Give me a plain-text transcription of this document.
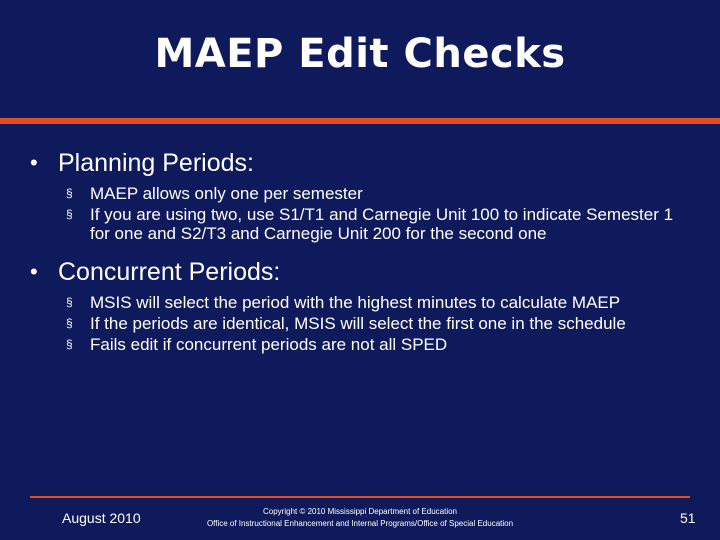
MAEP Edit Checks

• Planning Periods:

§ MAEP allows only one per semester
§ If you are using two, use S1/T1 and Carnegie Unit 100 to indicate Semester 1 for one and S2/T3 and Carnegie Unit 200 for the second one

• Concurrent Periods:

§ MSIS will select the period with the highest minutes to calculate MAEP
§ If the periods are identical, MSIS will select the first one in the schedule
§ Fails edit if concurrent periods are not all SPED
August 2010	Copyright © 2010 Mississippi Department of Education
Office of Instructional Enhancement and Internal Programs/Office of Special Education	51
